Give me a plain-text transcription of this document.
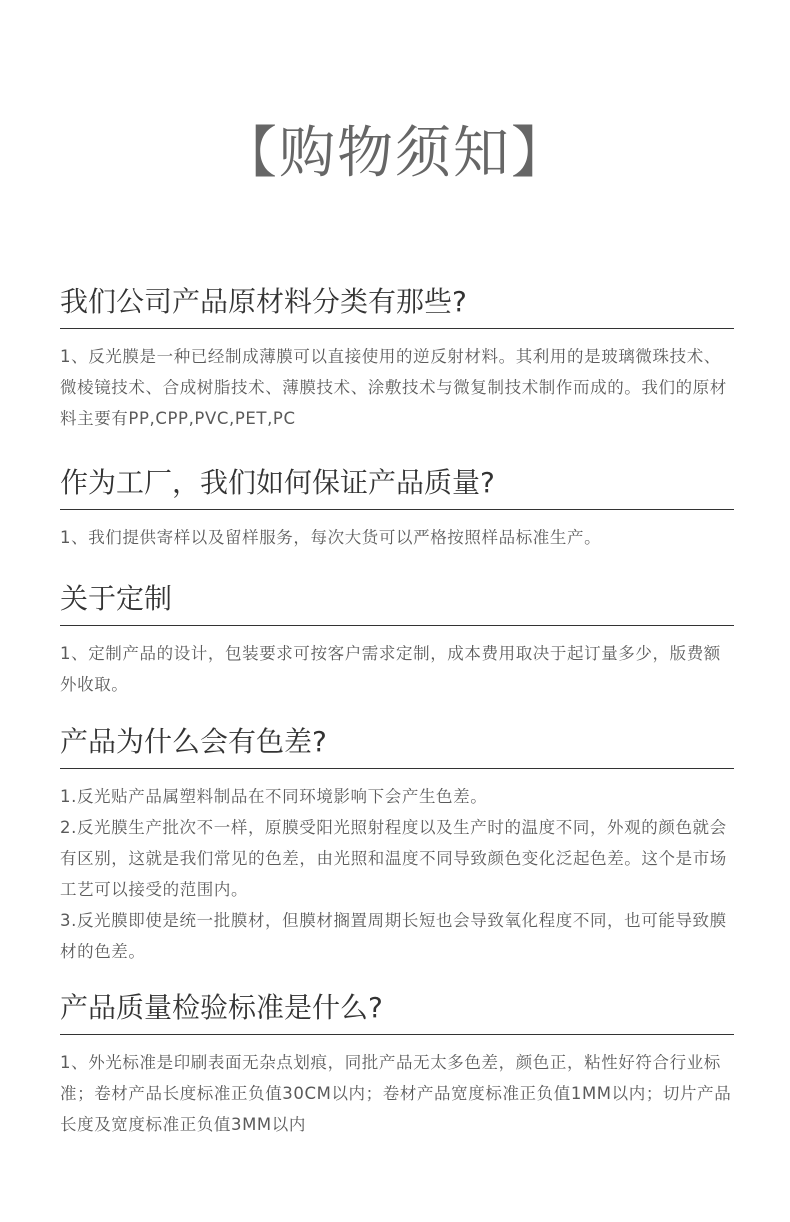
【购物须知】
我们公司产品原材料分类有那些?

1、反光膜是一种已经制成薄膜可以直接使用的逆反射材料。其利用的是玻璃微珠技术、微棱镜技术、合成树脂技术、薄膜技术、涂敷技术与微复制技术制作而成的。我们的原材料主要有PP,CPP,PVC,PET,PC

作为工厂，我们如何保证产品质量?

1、我们提供寄样以及留样服务，每次大货可以严格按照样品标准生产。

关于定制

1、定制产品的设计，包装要求可按客户需求定制，成本费用取决于起订量多少，版费额外收取。

产品为什么会有色差?

1.反光贴产品属塑料制品在不同环境影响下会产生色差。

2.反光膜生产批次不一样，原膜受阳光照射程度以及生产时的温度不同，外观的颜色就会有区别，这就是我们常见的色差，由光照和温度不同导致颜色变化泛起色差。这个是市场工艺可以接受的范围内。

3.反光膜即使是统一批膜材，但膜材搁置周期长短也会导致氧化程度不同，也可能导致膜材的色差。

产品质量检验标准是什么?

1、外光标准是印刷表面无杂点划痕，同批产品无太多色差，颜色正，粘性好符合行业标准；卷材产品长度标准正负值30CM以内；卷材产品宽度标准正负值1MM以内；切片产品长度及宽度标准正负值3MM以内
